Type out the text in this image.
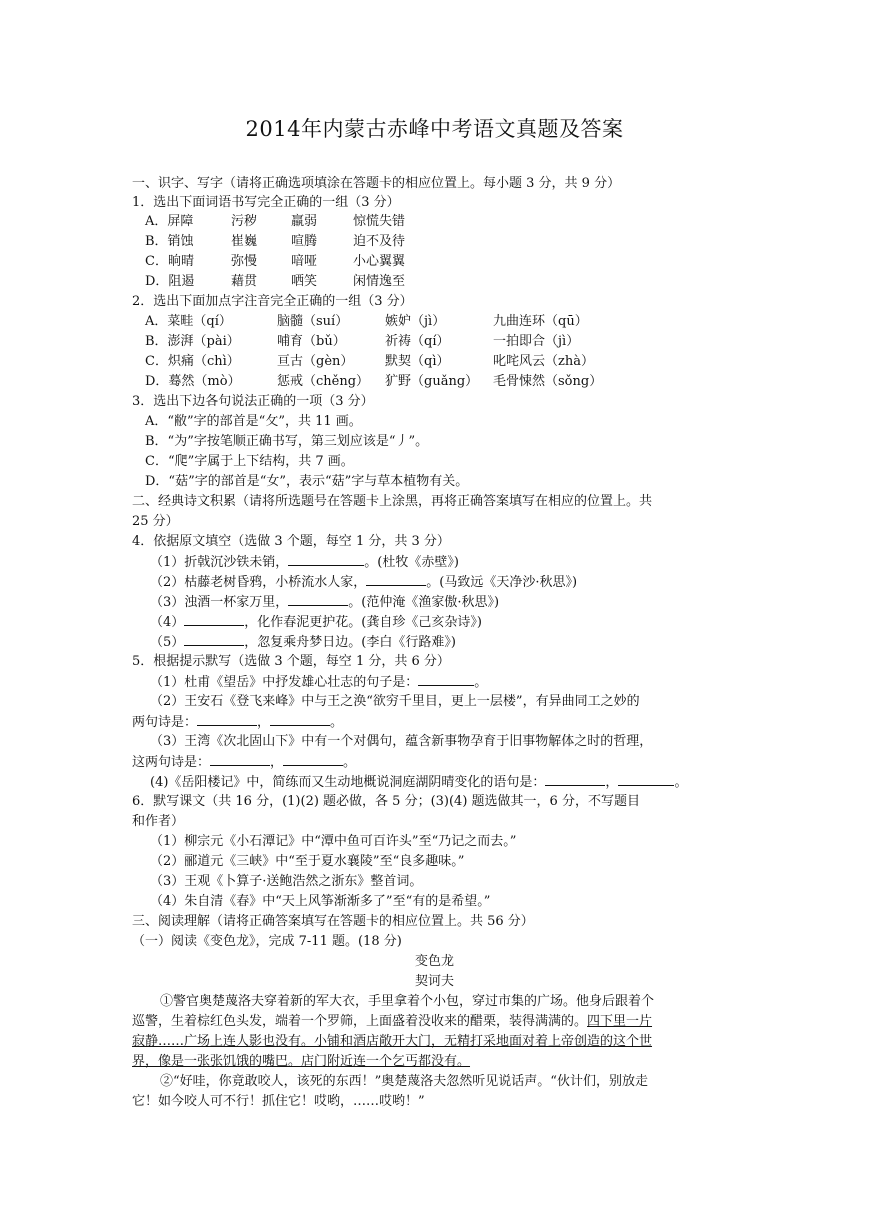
2014年内蒙古赤峰中考语文真题及答案
一、识字、写字（请将正确选项填涂在答题卡的相应位置上。每小题 3 分，共 9 分）
1．选出下面词语书写完全正确的一组（3 分）
A．屏障	污秽	羸弱	惊慌失错
B．销蚀	崔巍	喧腾	迫不及待
C．晌晴	弥慢	喑哑	小心翼翼
D．阻遏	藉贯	哂笑	闲情逸至
2．选出下面加点字注音完全正确的一组（3 分）
A．菜畦（qí）	脑髓（suí）	嫉妒（jì）	九曲连环（qū）
B．澎湃（pài）	哺育（bǔ）	祈祷（qí）	一拍即合（jì）
C．炽痛（chì）	亘古（gèn） 默契（qì）	叱咤风云（zhà）
D．蓦然（mò）	惩戒（chěng） 犷野（guǎng） 毛骨悚然（sǒng）
3．选出下边各句说法正确的一项（3 分）
A．“敝”字的部首是“攵”，共 11 画。
B．“为”字按笔顺正确书写，第三划应该是“丿”。
C．“爬”字属于上下结构，共 7 画。
D．“菇”字的部首是“女”，表示“菇”字与草本植物有关。
二、经典诗文积累（请将所选题号在答题卡上涂黑，再将正确答案填写在相应的位置上。共
25 分）
4．依据原文填空（选做 3 个题，每空 1 分，共 3 分）
（1）折戟沉沙铁未销，	。(杜牧《赤壁》)
（2）枯藤老树昏鸦，小桥流水人家，	。(马致远《天净沙·秋思》)
（3）浊酒一杯家万里，	。(范仲淹《渔家傲·秋思》)
（4）	，化作春泥更护花。(龚自珍《己亥杂诗》)
（5）	，忽复乘舟梦日边。(李白《行路难》)
5．根据提示默写（选做 3 个题，每空 1 分，共 6 分）
（1）杜甫《望岳》中抒发雄心壮志的句子是：	。
（2）王安石《登飞来峰》中与王之涣“欲穷千里目，更上一层楼”，有异曲同工之妙的
两句诗是：	，	。
（3）王湾《次北固山下》中有一个对偶句，蕴含新事物孕育于旧事物解体之时的哲理，
这两句诗是：	，	。
(4)《岳阳楼记》中，简练而又生动地概说洞庭湖阴晴变化的语句是：	，	。
6．默写课文（共 16 分，(1)(2) 题必做，各 5 分；(3)(4) 题选做其一，6 分，不写题目
和作者）
（1）柳宗元《小石潭记》中“潭中鱼可百许头”至“乃记之而去。”
（2）郦道元《三峡》中“至于夏水襄陵”至“良多趣味。”
（3）王观《卜算子·送鲍浩然之浙东》整首词。
（4）朱自清《春》中“天上风筝渐渐多了”至“有的是希望。”
三、阅读理解（请将正确答案填写在答题卡的相应位置上。共 56 分）
（一）阅读《变色龙》，完成 7-11 题。(18 分)
变色龙
契诃夫
①警官奥楚蔑洛夫穿着新的军大衣，手里拿着个小包，穿过市集的广场。他身后跟着个
巡警，生着棕红色头发，端着一个罗筛，上面盛着没收来的醋栗，装得满满的。四下里一片
寂静……广场上连人影也没有。小铺和酒店敞开大门，无精打采地面对着上帝创造的这个世
界，像是一张张饥饿的嘴巴。店门附近连一个乞丐都没有。
②“好哇，你竟敢咬人，该死的东西！”奥楚蔑洛夫忽然听见说话声。“伙计们，别放走
它！如今咬人可不行！抓住它！哎哟，……哎哟！”
